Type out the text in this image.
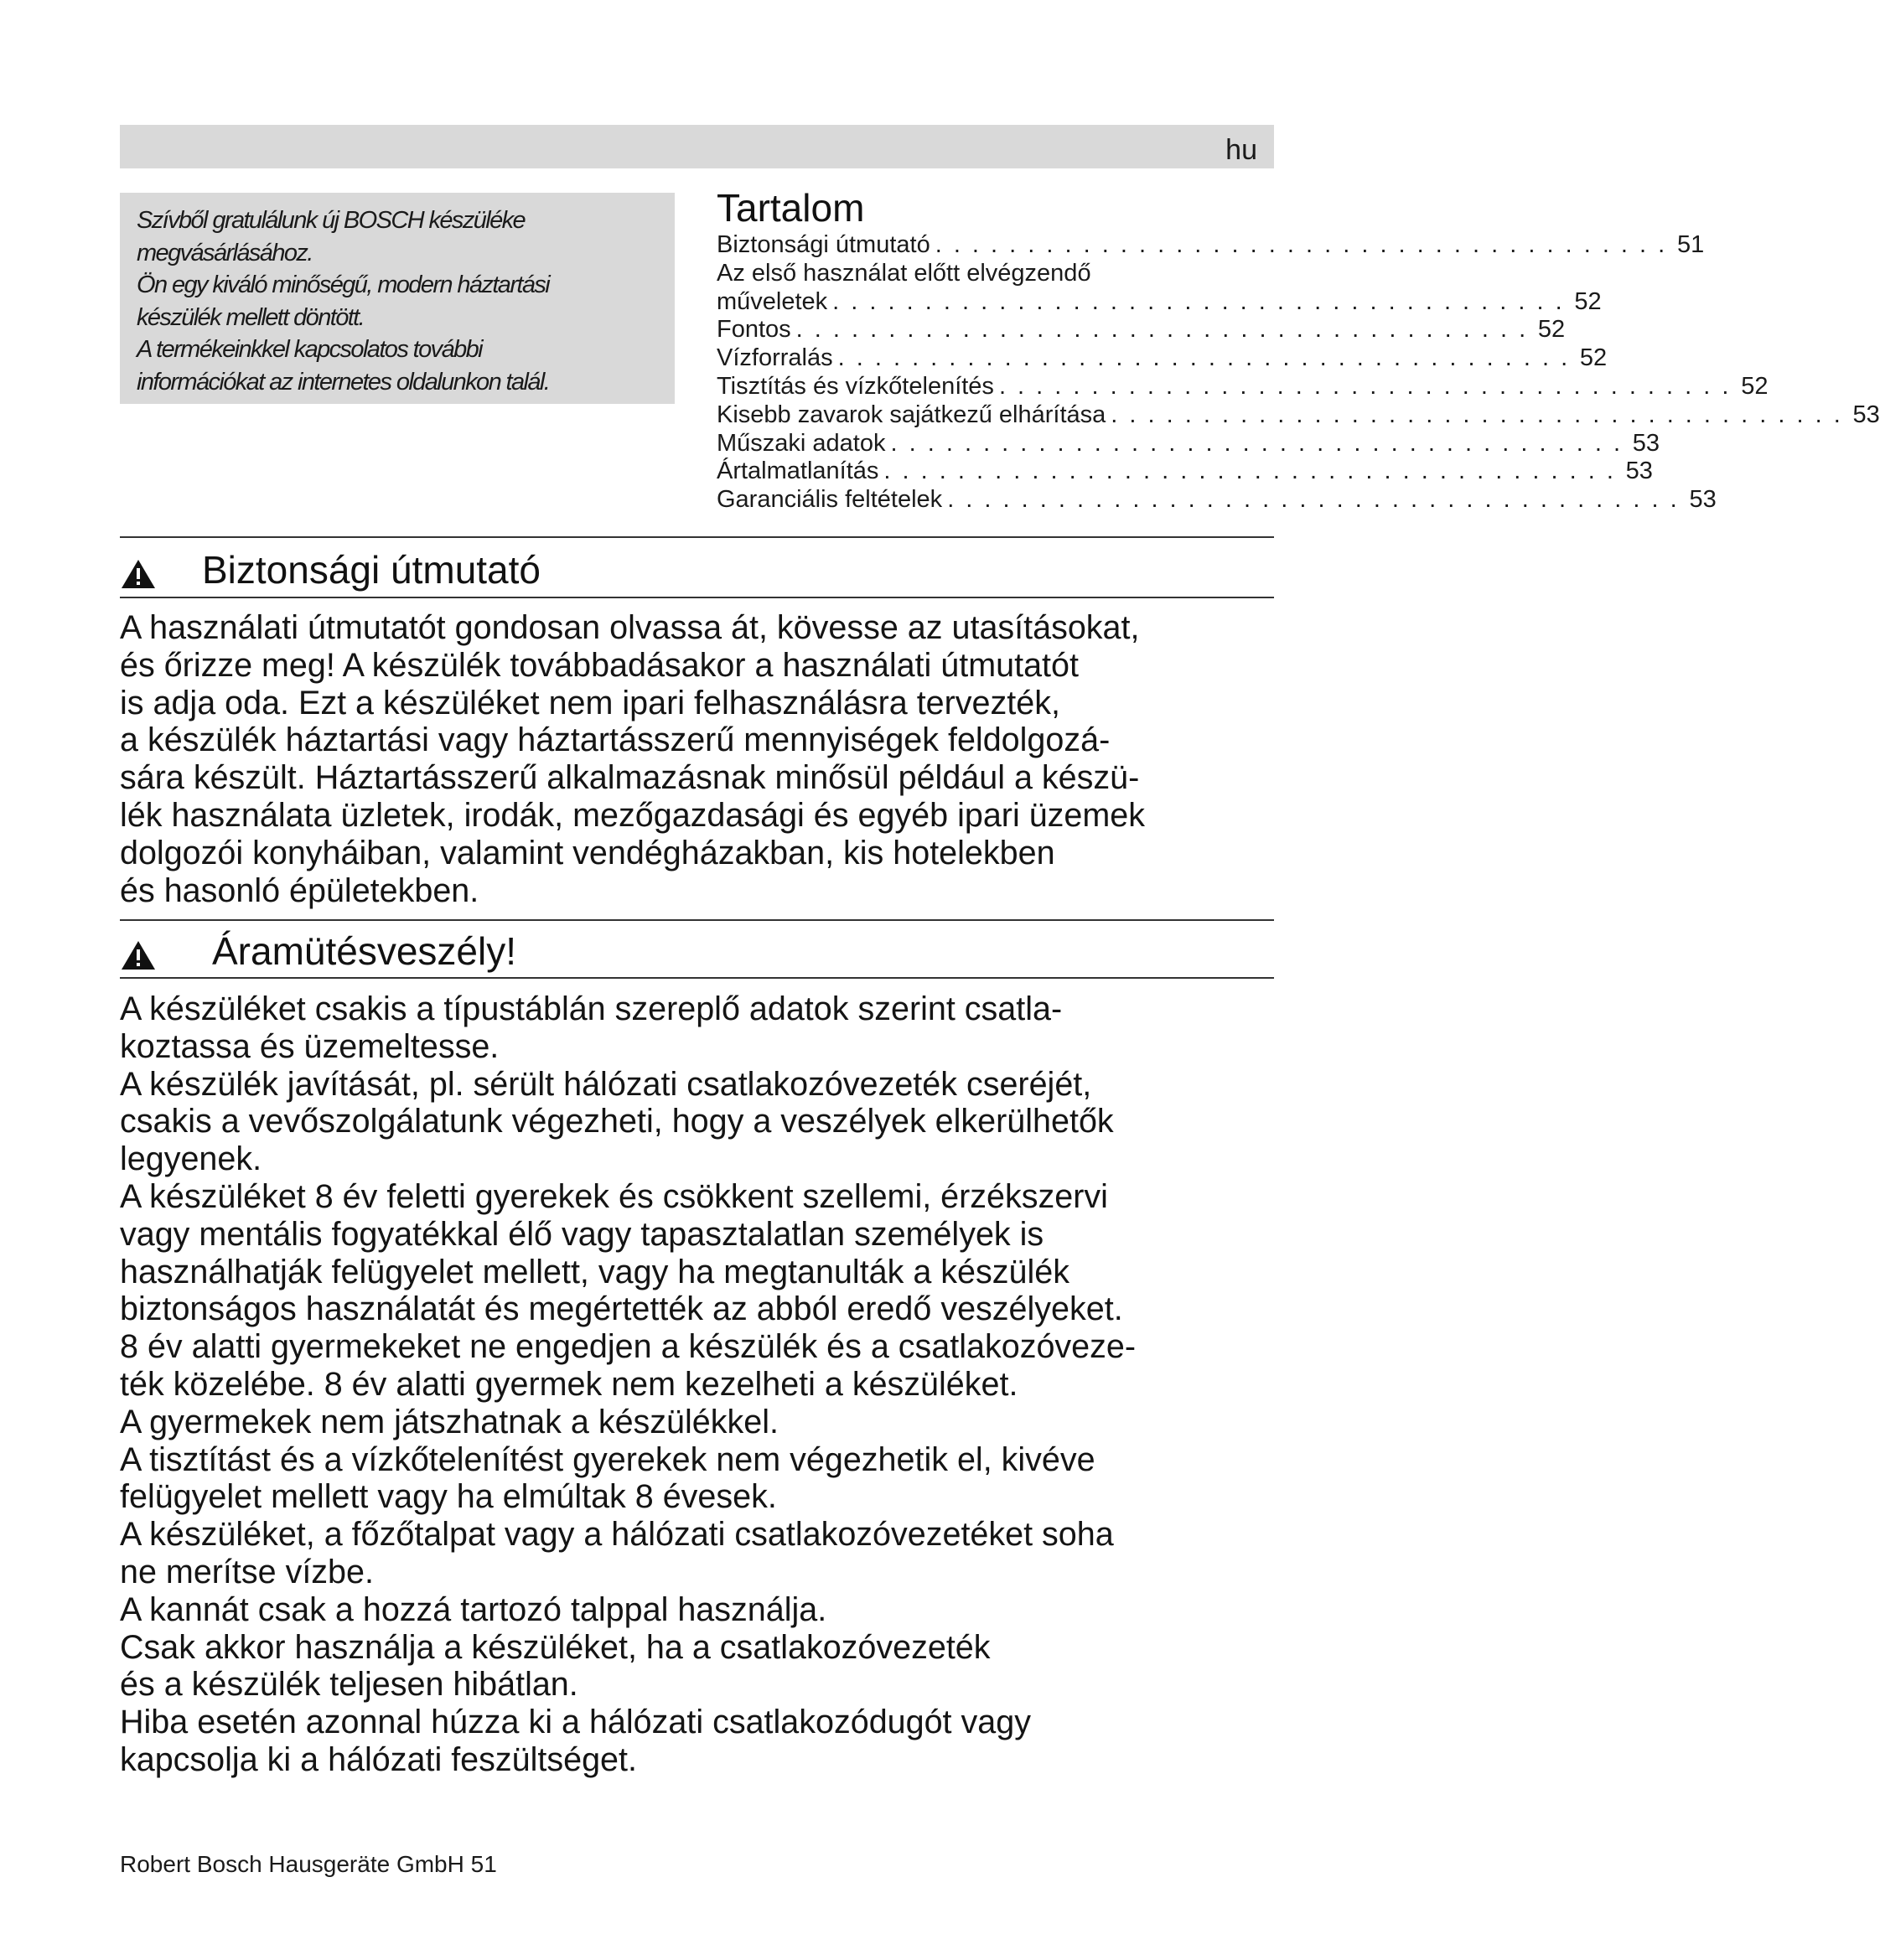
hu
Szívből gratulálunk új BOSCH készüléke
megvásárlásához.
Ön egy kiváló minőségű, modern háztartási
készülék mellett döntött.
A termékeinkkel kapcsolatos további
információkat az internetes oldalunkon talál.
Tartalom
Biztonsági útmutató . . . . . . . . . . . . . . . . . . . . . . . . . . . . . . . . . . . . . . . . 51
Az első használat előtt elvégzendő
műveletek . . . . . . . . . . . . . . . . . . . . . . . . . . . . . . . . . . . . . . . . 52
Fontos . . . . . . . . . . . . . . . . . . . . . . . . . . . . . . . . . . . . . . . . 52
Vízforralás . . . . . . . . . . . . . . . . . . . . . . . . . . . . . . . . . . . . . . . . 52
Tisztítás és vízkőtelenítés . . . . . . . . . . . . . . . . . . . . . . . . . . . . . . . . . . . . . . . . 52
Kisebb zavarok sajátkezű elhárítása . . . . . . . . . . . . . . . . . . . . . . . . . . . . . . . . . . . . . . . . 53
Műszaki adatok . . . . . . . . . . . . . . . . . . . . . . . . . . . . . . . . . . . . . . . . 53
Ártalmatlanítás . . . . . . . . . . . . . . . . . . . . . . . . . . . . . . . . . . . . . . . . 53
Garanciális feltételek . . . . . . . . . . . . . . . . . . . . . . . . . . . . . . . . . . . . . . . . 53
Biztonsági útmutató
A használati útmutatót gondosan olvassa át, kövesse az utasításokat,
és őrizze meg! A készülék továbbadásakor a használati útmutatót
is adja oda. Ezt a készüléket nem ipari felhasználásra tervezték,
a készülék háztartási vagy háztartásszerű mennyiségek feldolgozá-
sára készült. Háztartásszerű alkalmazásnak minősül például a készü-
lék használata üzletek, irodák, mezőgazdasági és egyéb ipari üzemek
dolgozói konyháiban, valamint vendégházakban, kis hotelekben
és hasonló épületekben.
Áramütésveszély!
A készüléket csakis a típustáblán szereplő adatok szerint csatla-
koztassa és üzemeltesse.
A készülék javítását, pl. sérült hálózati csatlakozóvezeték cseréjét,
csakis a vevőszolgálatunk végezheti, hogy a veszélyek elkerülhetők
legyenek.
A készüléket 8 év feletti gyerekek és csökkent szellemi, érzékszervi
vagy mentális fogyatékkal élő vagy tapasztalatlan személyek is
használhatják felügyelet mellett, vagy ha megtanulták a készülék
biztonságos használatát és megértették az abból eredő veszélyeket.
8 év alatti gyermekeket ne engedjen a készülék és a csatlakozóveze-
ték közelébe. 8 év alatti gyermek nem kezelheti a készüléket.
A gyermekek nem játszhatnak a készülékkel.
A tisztítást és a vízkőtelenítést gyerekek nem végezhetik el, kivéve
felügyelet mellett vagy ha elmúltak 8 évesek.
A készüléket, a főzőtalpat vagy a hálózati csatlakozóvezetéket soha
ne merítse vízbe.
A kannát csak a hozzá tartozó talppal használja.
Csak akkor használja a készüléket, ha a csatlakozóvezeték
és a készülék teljesen hibátlan.
Hiba esetén azonnal húzza ki a hálózati csatlakozódugót vagy
kapcsolja ki a hálózati feszültséget.
Robert Bosch Hausgeräte GmbH 51
